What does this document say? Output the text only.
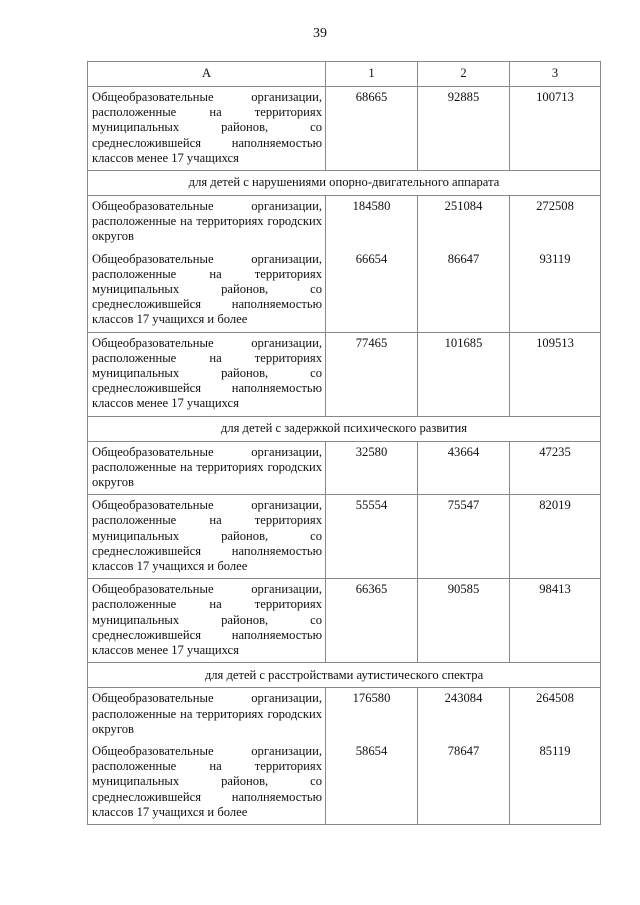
39
А	1	2	3
Общеобразовательные организации, расположенные на территориях муниципальных районов, со среднесложившейся наполняемостью классов менее 17 учащихся	68665	92885	100713
для детей с нарушениями опорно-двигательного аппарата			
Общеобразовательные организации, расположенные на территориях городских округов	184580	251084	272508
Общеобразовательные организации, расположенные на территориях муниципальных районов, со среднесложившейся наполняемостью классов 17 учащихся и более	66654	86647	93119
Общеобразовательные организации, расположенные на территориях муниципальных районов, со среднесложившейся наполняемостью классов менее 17 учащихся	77465	101685	109513
для детей с задержкой психического развития			
Общеобразовательные организации, расположенные на территориях городских округов	32580	43664	47235
Общеобразовательные организации, расположенные на территориях муниципальных районов, со среднесложившейся наполняемостью классов 17 учащихся и более	55554	75547	82019
Общеобразовательные организации, расположенные на территориях муниципальных районов, со среднесложившейся наполняемостью классов менее 17 учащихся	66365	90585	98413
для детей с расстройствами аутистического спектра			
Общеобразовательные организации, расположенные на территориях городских округов	176580	243084	264508
Общеобразовательные организации, расположенные на территориях муниципальных районов, со среднесложившейся наполняемостью классов 17 учащихся и более	58654	78647	85119
